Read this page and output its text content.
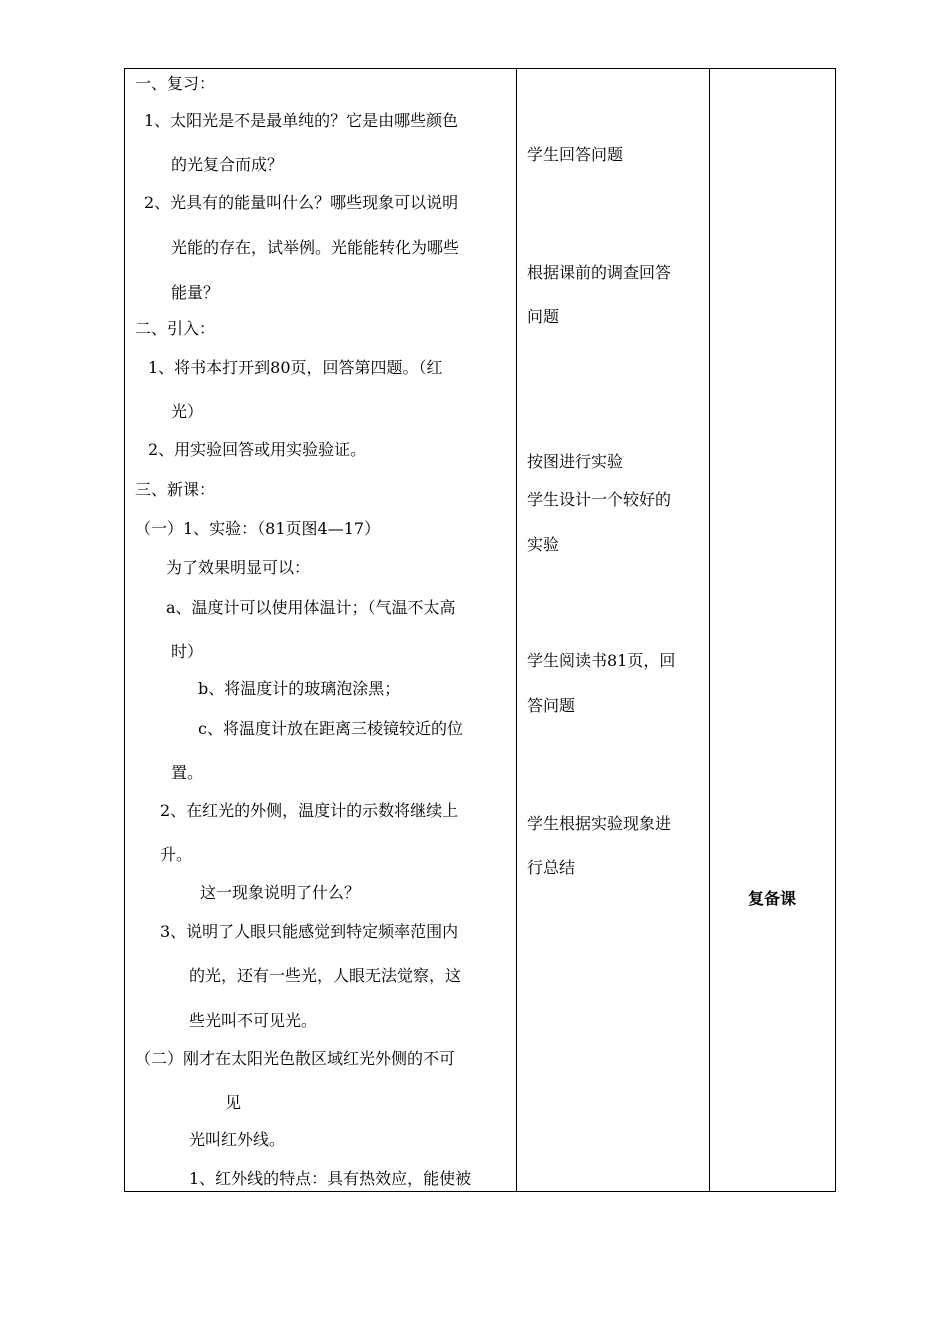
一、复习：
1、太阳光是不是最单纯的？它是由哪些颜色
的光复合而成？
2、光具有的能量叫什么？哪些现象可以说明
光能的存在，试举例。光能能转化为哪些
能量？
二、引入：
1、将书本打开到80页，回答第四题。（红
光）
2、用实验回答或用实验验证。
三、新课：
（一）1、实验：（81页图4—17）
为了效果明显可以：
a、温度计可以使用体温计；（气温不太高
时）
b、将温度计的玻璃泡涂黑；
c、将温度计放在距离三棱镜较近的位
置。
2、在红光的外侧，温度计的示数将继续上
升。
这一现象说明了什么？
3、说明了人眼只能感觉到特定频率范围内
的光，还有一些光，人眼无法觉察，这
些光叫不可见光。
（二）刚才在太阳光色散区域红光外侧的不可
见
光叫红外线。
1、红外线的特点：具有热效应，能使被
学生回答问题
根据课前的调查回答
问题
按图进行实验
学生设计一个较好的
实验
学生阅读书81页，回
答问题
学生根据实验现象进
行总结
复备课
